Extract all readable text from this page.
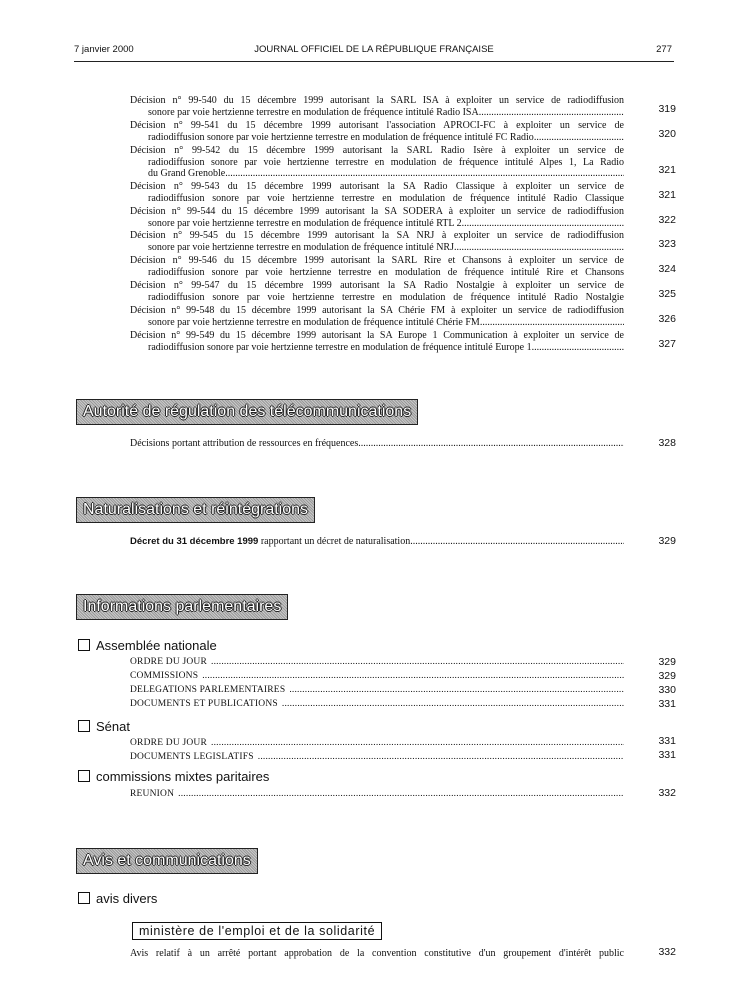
7 janvier 2000	JOURNAL OFFICIEL DE LA RÉPUBLIQUE FRANÇAISE	277
Décision n° 99-540 du 15 décembre 1999 autorisant la SARL ISA à exploiter un service de radiodiffusion
sonore par voie hertzienne terrestre en modulation de fréquence intitulé Radio ISA .....	319
Décision n° 99-541 du 15 décembre 1999 autorisant l'association APROCI-FC à exploiter un service de
radiodiffusion sonore par voie hertzienne terrestre en modulation de fréquence intitulé FC Radio .....	320
Décision n° 99-542 du 15 décembre 1999 autorisant la SARL Radio Isère à exploiter un service de
radiodiffusion sonore par voie hertzienne terrestre en modulation de fréquence intitulé Alpes 1, La Radio
du Grand Grenoble .....	321
Décision n° 99-543 du 15 décembre 1999 autorisant la SA Radio Classique à exploiter un service de
radiodiffusion sonore par voie hertzienne terrestre en modulation de fréquence intitulé Radio Classique	321
Décision n° 99-544 du 15 décembre 1999 autorisant la SA SODERA à exploiter un service de radiodiffusion
sonore par voie hertzienne terrestre en modulation de fréquence intitulé RTL 2 .....	322
Décision n° 99-545 du 15 décembre 1999 autorisant la SA NRJ à exploiter un service de radiodiffusion
sonore par voie hertzienne terrestre en modulation de fréquence intitulé NRJ .....	323
Décision n° 99-546 du 15 décembre 1999 autorisant la SARL Rire et Chansons à exploiter un service de
radiodiffusion sonore par voie hertzienne terrestre en modulation de fréquence intitulé Rire et Chansons	324
Décision n° 99-547 du 15 décembre 1999 autorisant la SA Radio Nostalgie à exploiter un service de
radiodiffusion sonore par voie hertzienne terrestre en modulation de fréquence intitulé Radio Nostalgie	325
Décision n° 99-548 du 15 décembre 1999 autorisant la SA Chérie FM à exploiter un service de radiodiffusion
sonore par voie hertzienne terrestre en modulation de fréquence intitulé Chérie FM .....	326
Décision n° 99-549 du 15 décembre 1999 autorisant la SA Europe 1 Communication à exploiter un service de
radiodiffusion sonore par voie hertzienne terrestre en modulation de fréquence intitulé Europe 1 .....	327
Autorité de régulation des télécommunications
Décisions portant attribution de ressources en fréquences .....	328
Naturalisations et réintégrations
Décret du 31 décembre 1999 rapportant un décret de naturalisation .....	329
Informations parlementaires
Assemblée nationale
ORDRE DU JOUR .....	329
COMMISSIONS .....	329
DÉLÉGATIONS PARLEMENTAIRES .....	330
DOCUMENTS ET PUBLICATIONS .....	331
Sénat
ORDRE DU JOUR .....	331
DOCUMENTS LÉGISLATIFS .....	331
commissions mixtes paritaires
RÉUNION .....	332
Avis et communications
avis divers
ministère de l'emploi et de la solidarité
Avis relatif à un arrêté portant approbation de la convention constitutive d'un groupement d'intérêt public	332
